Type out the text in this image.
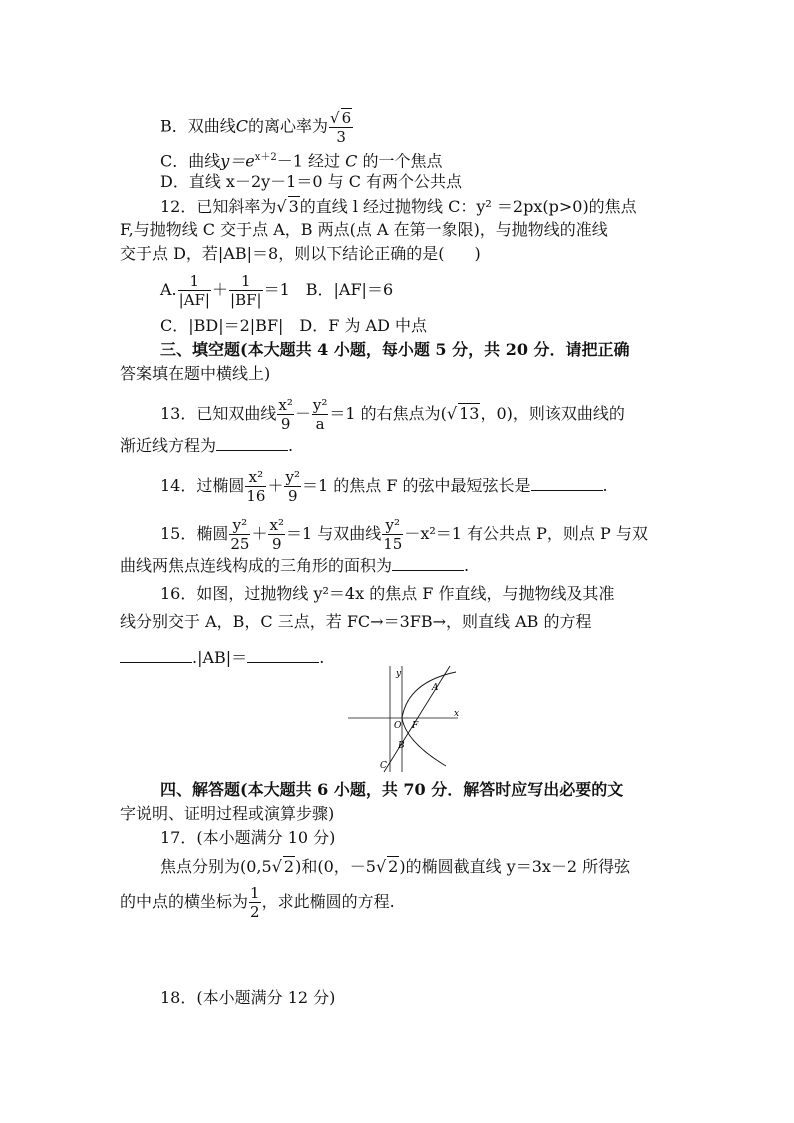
B．双曲线C的离心率为 $\frac{√ 6}{3}$
C．曲线$y=e^{x+2}-1$ 经过 C 的一个焦点
D．直线 x－2y－1＝0 与 C 有两个公共点
12．已知斜率为√ 3的直线 l 经过抛物线 C：y² ＝2px(p>0)的焦点
F,与抛物线 C 交于点 A，B 两点(点 A 在第一象限)，与抛物线的准线
交于点 D，若|AB|＝8，则以下结论正确的是( )
A. $\frac{1}{|AF|} + \frac{1}{|BF|} =1$　B．|AF|＝6
C．|BD|＝2|BF|　D．F 为 AD 中点
三、填空题(本大题共 4 小题，每小题 5 分，共 20 分．请把正确
答案填在题中横线上)
13．已知双曲线 $\frac{\text{x²}}{9} - \frac{\text{y²}}{a} =1$ 的右焦点为(√ 13，0)，则该双曲线的
渐近线方程为	.
14．过椭圆 $\frac{\text{x²}}{16} + \frac{\text{y²}}{9} =1$ 的焦点 F 的弦中最短弦长是	.
15．椭圆 $\frac{\text{y²}}{25} + \frac{\text{x²}}{9} =1$ 与双曲线 $\frac{\text{y²}}{15} -x^2=1$ 有公共点 P，则点 P 与双
曲线两焦点连线构成的三角形的面积为	.
16．如图，过抛物线 y²＝4x 的焦点 F 作直线，与抛物线及其准
线分别交于 A，B，C 三点，若 FC→＝3FB→，则直线 AB 的方程
.|AB|＝	.
y
x
O F
A
B
C
四、解答题(本大题共 6 小题，共 70 分．解答时应写出必要的文
字说明、证明过程或演算步骤)
17．(本小题满分 10 分)
焦点分别为(0,5√ 2)和(0，－5√ 2)的椭圆截直线 y＝3x－2 所得弦
的中点的横坐标为 $\frac{1}{2}$ ，求此椭圆的方程.
18．(本小题满分 12 分)
